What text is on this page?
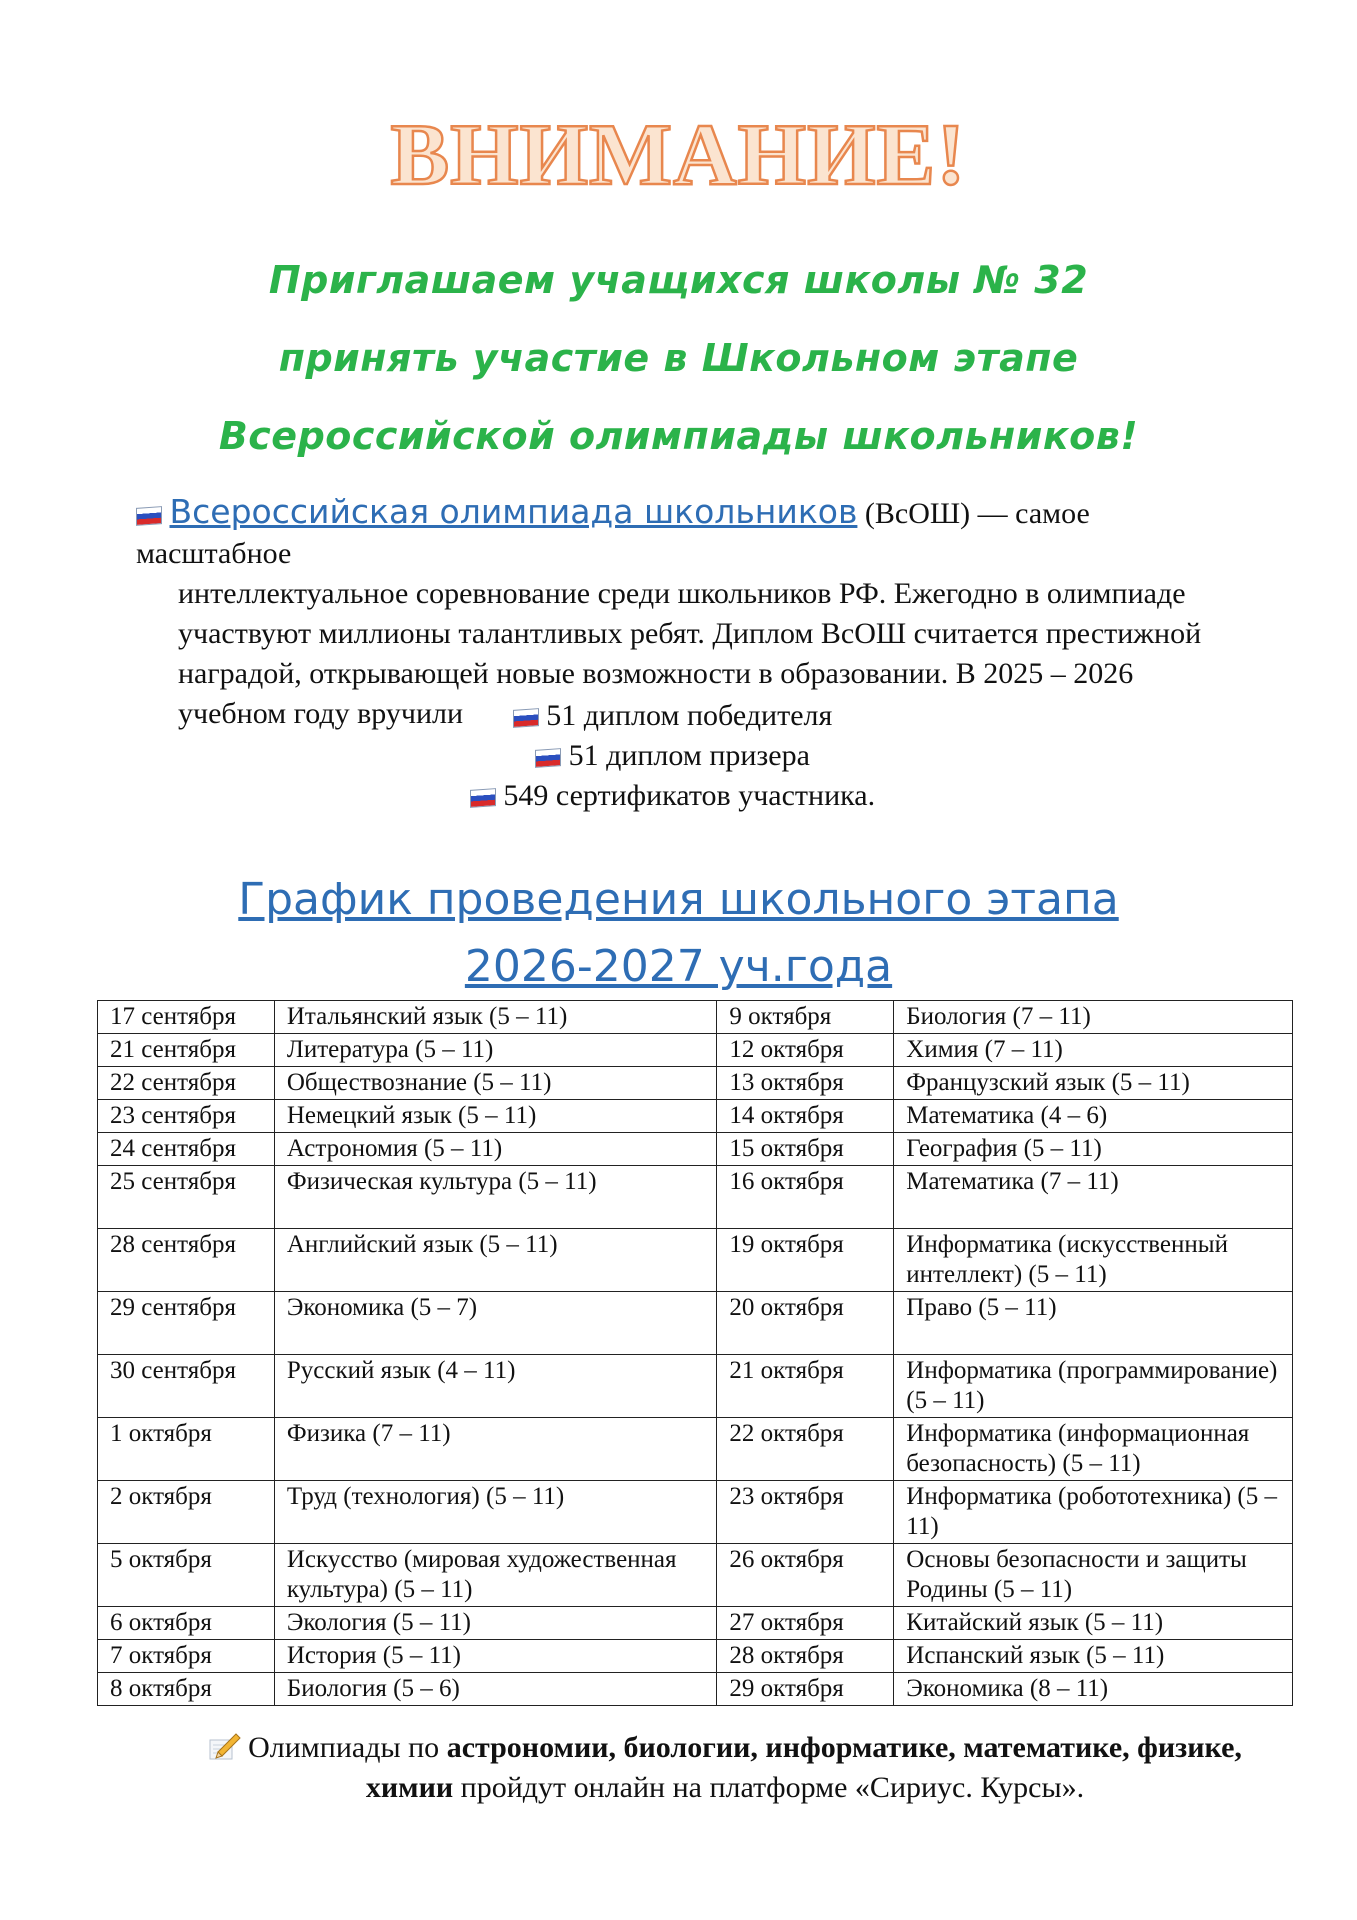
ВНИМАНИЕ!
Приглашаем учащихся школы № 32
принять участие в Школьном этапе
Всероссийской олимпиады школьников!
Всероссийская олимпиада школьников (ВсОШ) — самое масштабное
интеллектуальное соревнование среди школьников РФ. Ежегодно в олимпиаде
участвуют миллионы талантливых ребят. Диплом ВсОШ считается престижной
наградой, открывающей новые возможности в образовании. В 2025 – 2026
учебном году вручили	51 диплом победителя
51 диплом призера
549 сертификатов участника.
График проведения школьного этапа
2026-2027 уч.года
17 сентября	Итальянский язык (5 – 11)	9 октября	Биология (7 – 11)
21 сентября	Литература (5 – 11)	12 октября	Химия (7 – 11)
22 сентября	Обществознание (5 – 11)	13 октября	Французский язык (5 – 11)
23 сентября	Немецкий язык (5 – 11)	14 октября	Математика (4 – 6)
24 сентября	Астрономия (5 – 11)	15 октября	География (5 – 11)
25 сентября	Физическая культура (5 – 11)	16 октября	Математика (7 – 11)
28 сентября	Английский язык (5 – 11)	19 октября	Информатика (искусственный интеллект) (5 – 11)
29 сентября	Экономика (5 – 7)	20 октября	Право (5 – 11)
30 сентября	Русский язык (4 – 11)	21 октября	Информатика (программирование) (5 – 11)
1 октября	Физика (7 – 11)	22 октября	Информатика (информационная безопасность) (5 – 11)
2 октября	Труд (технология) (5 – 11)	23 октября	Информатика (робототехника) (5 – 11)
5 октября	Искусство (мировая художественная культура) (5 – 11)	26 октября	Основы безопасности и защиты Родины (5 – 11)
6 октября	Экология (5 – 11)	27 октября	Китайский язык (5 – 11)
7 октября	История (5 – 11)	28 октября	Испанский язык (5 – 11)
8 октября	Биология (5 – 6)	29 октября	Экономика (8 – 11)
Олимпиады по астрономии, биологии, информатике, математике, физике,
химии пройдут онлайн на платформе «Сириус. Курсы».
